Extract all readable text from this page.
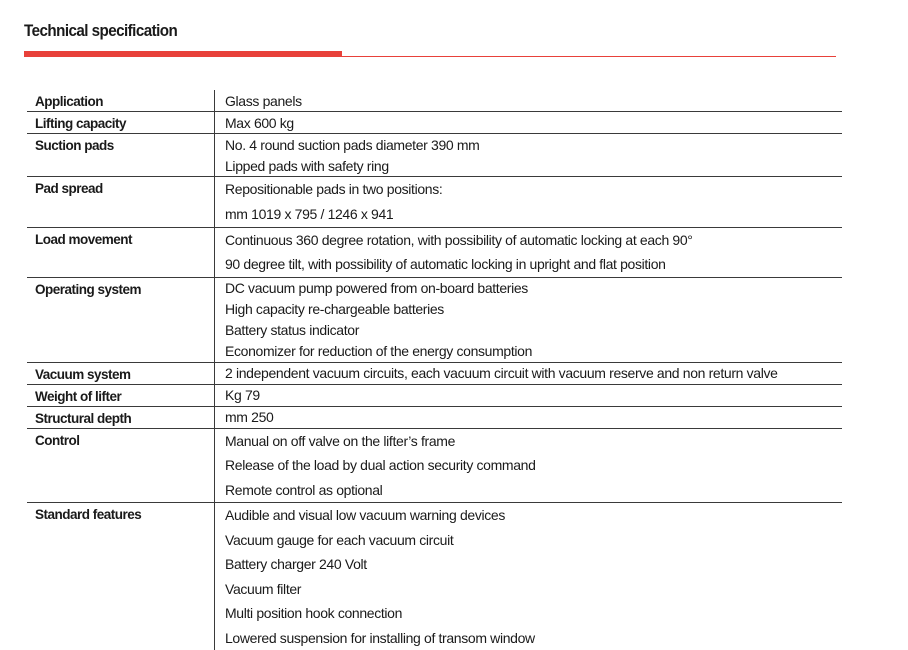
Technical specification
Application	Glass panels
Lifting capacity	Max 600 kg
Suction pads	No. 4 round suction pads diameter 390 mm
Lipped pads with safety ring
Pad spread	Repositionable pads in two positions:
mm 1019 x 795 / 1246 x 941
Load movement	Continuous 360 degree rotation, with possibility of automatic locking at each 90°
90 degree tilt, with possibility of automatic locking in upright and flat position
Operating system	DC vacuum pump powered from on-board batteries
High capacity re-chargeable batteries
Battery status indicator
Economizer for reduction of the energy consumption
Vacuum system	2 independent vacuum circuits, each vacuum circuit with vacuum reserve and non return valve
Weight of lifter	Kg 79
Structural depth	mm 250
Control	Manual on off valve on the lifter’s frame
Release of the load by dual action security command
Remote control as optional
Standard features	Audible and visual low vacuum warning devices
Vacuum gauge for each vacuum circuit
Battery charger 240 Volt
Vacuum filter
Multi position hook connection
Lowered suspension for installing of transom window
